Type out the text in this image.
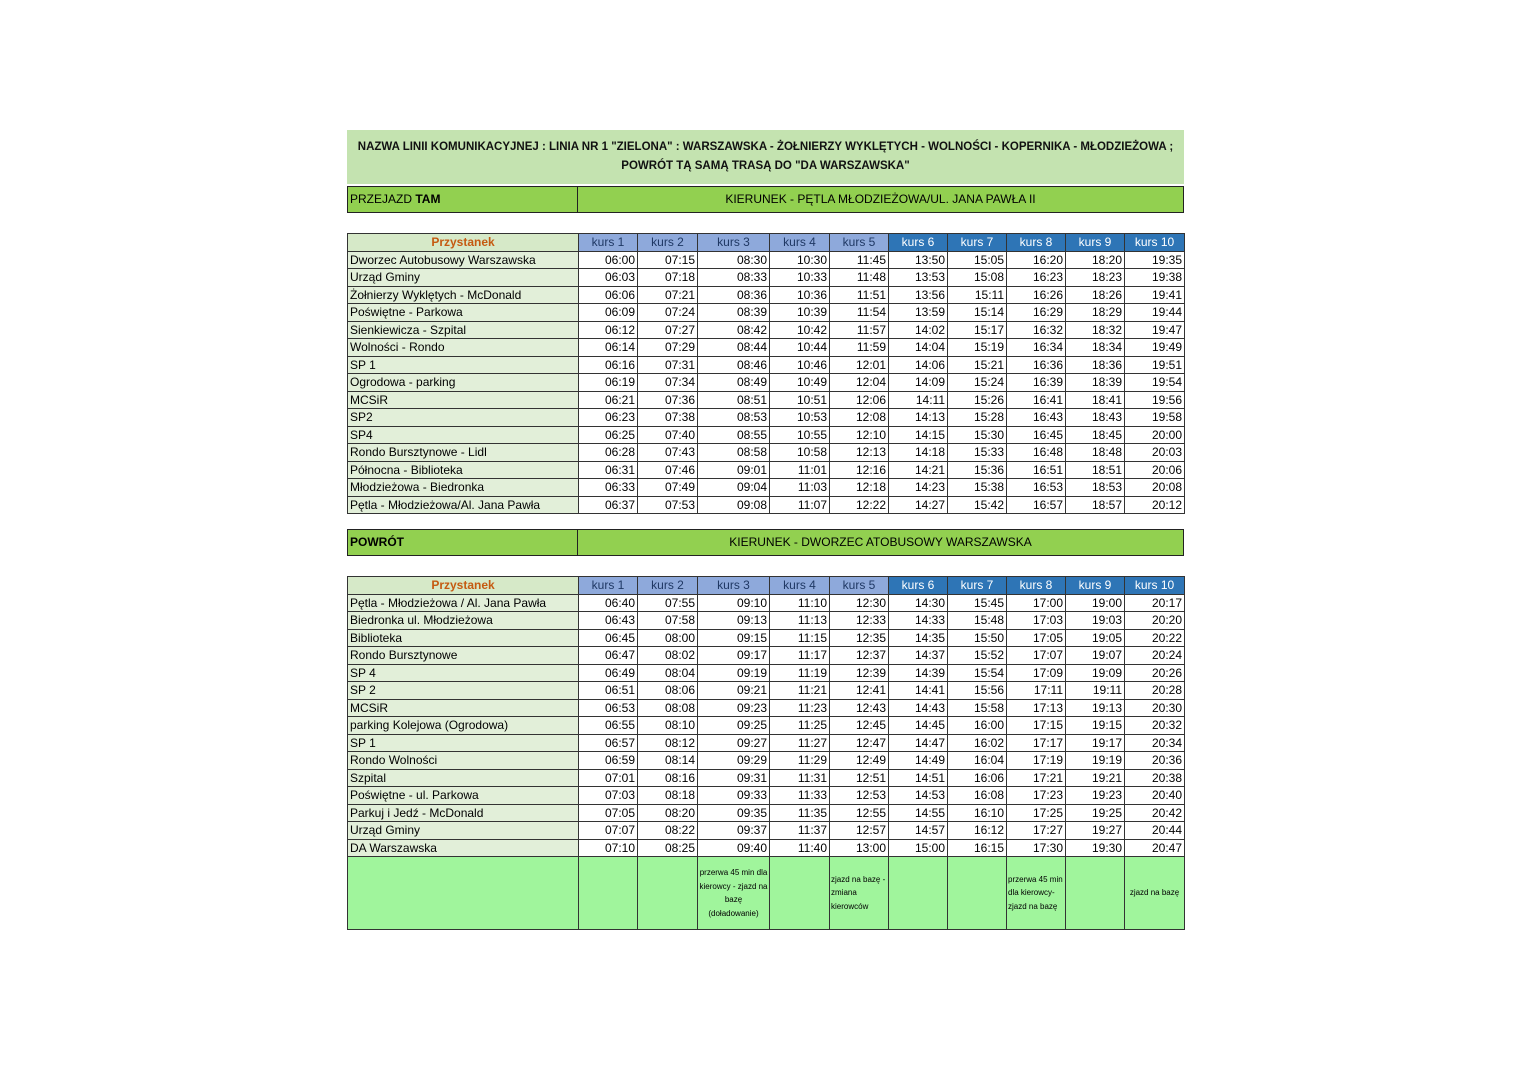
NAZWA LINII KOMUNIKACYJNEJ : LINIA NR 1 "ZIELONA" : WARSZAWSKA - ŻOŁNIERZY WYKLĘTYCH - WOLNOŚCI - KOPERNIKA - MŁODZIEŻOWA ;
POWRÓT TĄ SAMĄ TRASĄ DO "DA WARSZAWSKA"
PRZEJAZD TAM	KIERUNEK - PĘTLA MŁODZIEŻOWA/UL. JANA PAWŁA II
Przystanek	kurs 1	kurs 2	kurs 3	kurs 4	kurs 5	kurs 6	kurs 7	kurs 8	kurs 9	kurs 10
Dworzec Autobusowy Warszawska	06:00	07:15	08:30	10:30	11:45	13:50	15:05	16:20	18:20	19:35
Urząd Gminy	06:03	07:18	08:33	10:33	11:48	13:53	15:08	16:23	18:23	19:38
Żołnierzy Wyklętych - McDonald	06:06	07:21	08:36	10:36	11:51	13:56	15:11	16:26	18:26	19:41
Poświętne - Parkowa	06:09	07:24	08:39	10:39	11:54	13:59	15:14	16:29	18:29	19:44
Sienkiewicza - Szpital	06:12	07:27	08:42	10:42	11:57	14:02	15:17	16:32	18:32	19:47
Wolności - Rondo	06:14	07:29	08:44	10:44	11:59	14:04	15:19	16:34	18:34	19:49
SP 1	06:16	07:31	08:46	10:46	12:01	14:06	15:21	16:36	18:36	19:51
Ogrodowa - parking	06:19	07:34	08:49	10:49	12:04	14:09	15:24	16:39	18:39	19:54
MCSiR	06:21	07:36	08:51	10:51	12:06	14:11	15:26	16:41	18:41	19:56
SP2	06:23	07:38	08:53	10:53	12:08	14:13	15:28	16:43	18:43	19:58
SP4	06:25	07:40	08:55	10:55	12:10	14:15	15:30	16:45	18:45	20:00
Rondo Bursztynowe - Lidl	06:28	07:43	08:58	10:58	12:13	14:18	15:33	16:48	18:48	20:03
Północna - Biblioteka	06:31	07:46	09:01	11:01	12:16	14:21	15:36	16:51	18:51	20:06
Młodzieżowa - Biedronka	06:33	07:49	09:04	11:03	12:18	14:23	15:38	16:53	18:53	20:08
Pętla - Młodzieżowa/Al. Jana Pawła	06:37	07:53	09:08	11:07	12:22	14:27	15:42	16:57	18:57	20:12
POWRÓT	KIERUNEK - DWORZEC ATOBUSOWY WARSZAWSKA
Przystanek	kurs 1	kurs 2	kurs 3	kurs 4	kurs 5	kurs 6	kurs 7	kurs 8	kurs 9	kurs 10
Pętla - Młodzieżowa / Al. Jana Pawła	06:40	07:55	09:10	11:10	12:30	14:30	15:45	17:00	19:00	20:17
Biedronka ul. Młodzieżowa	06:43	07:58	09:13	11:13	12:33	14:33	15:48	17:03	19:03	20:20
Biblioteka	06:45	08:00	09:15	11:15	12:35	14:35	15:50	17:05	19:05	20:22
Rondo Bursztynowe	06:47	08:02	09:17	11:17	12:37	14:37	15:52	17:07	19:07	20:24
SP 4	06:49	08:04	09:19	11:19	12:39	14:39	15:54	17:09	19:09	20:26
SP 2	06:51	08:06	09:21	11:21	12:41	14:41	15:56	17:11	19:11	20:28
MCSiR	06:53	08:08	09:23	11:23	12:43	14:43	15:58	17:13	19:13	20:30
parking Kolejowa (Ogrodowa)	06:55	08:10	09:25	11:25	12:45	14:45	16:00	17:15	19:15	20:32
SP 1	06:57	08:12	09:27	11:27	12:47	14:47	16:02	17:17	19:17	20:34
Rondo Wolności	06:59	08:14	09:29	11:29	12:49	14:49	16:04	17:19	19:19	20:36
Szpital	07:01	08:16	09:31	11:31	12:51	14:51	16:06	17:21	19:21	20:38
Poświętne - ul. Parkowa	07:03	08:18	09:33	11:33	12:53	14:53	16:08	17:23	19:23	20:40
Parkuj i Jedź - McDonald	07:05	08:20	09:35	11:35	12:55	14:55	16:10	17:25	19:25	20:42
Urząd Gminy	07:07	08:22	09:37	11:37	12:57	14:57	16:12	17:27	19:27	20:44
DA Warszawska	07:10	08:25	09:40	11:40	13:00	15:00	16:15	17:30	19:30	20:47
			przerwa 45 min dla kierowcy - zjazd na bazę (doładowanie)		zjazd na bazę - zmiana kierowców			przerwa 45 min dla kierowcy- zjazd na bazę		zjazd na bazę
